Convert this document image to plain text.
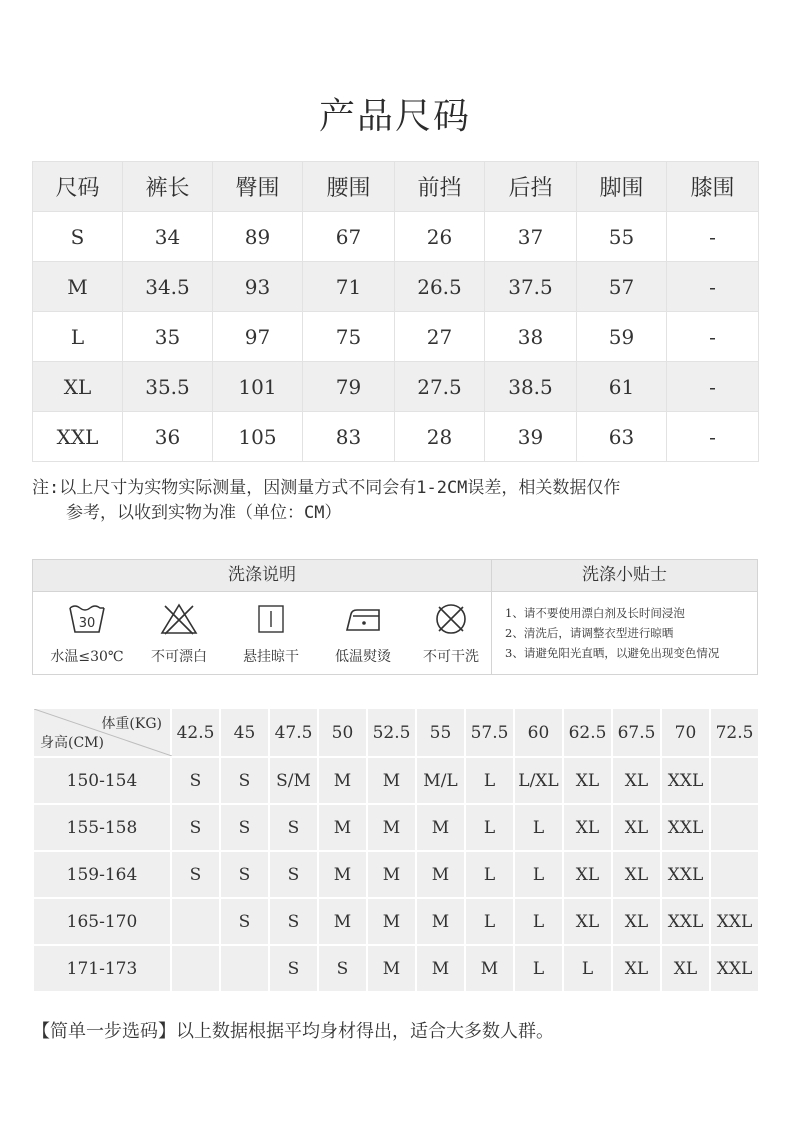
产品尺码
尺码	裤长	臀围	腰围	前挡	后挡	脚围	膝围
S	34	89	67	26	37	55	-
M	34.5	93	71	26.5	37.5	57	-
L	35	97	75	27	38	59	-
XL	35.5	101	79	27.5	38.5	61	-
XXL	36	105	83	28	39	63	-
注:以上尺寸为实物实际测量，因测量方式不同会有1-2CM误差，相关数据仅作
参考，以收到实物为准（单位：CM）
洗涤说明	洗涤小贴士
30
水温≤30℃	不可漂白	悬挂晾干	低温熨烫	不可干洗
1、请不要使用漂白剂及长时间浸泡
2、清洗后，请调整衣型进行晾晒
3、请避免阳光直晒，以避免出现变色情况
体重(KG)
身高(CM)	42.5	45	47.5	50	52.5	55	57.5	60	62.5	67.5	70	72.5
150-154	S	S	S/M	M	M	M/L	L	L/XL	XL	XL	XXL	
155-158	S	S	S	M	M	M	L	L	XL	XL	XXL	
159-164	S	S	S	M	M	M	L	L	XL	XL	XXL	
165-170		S	S	M	M	M	L	L	XL	XL	XXL	XXL
171-173			S	S	M	M	M	L	L	XL	XL	XXL
【简单一步选码】以上数据根据平均身材得出，适合大多数人群。
